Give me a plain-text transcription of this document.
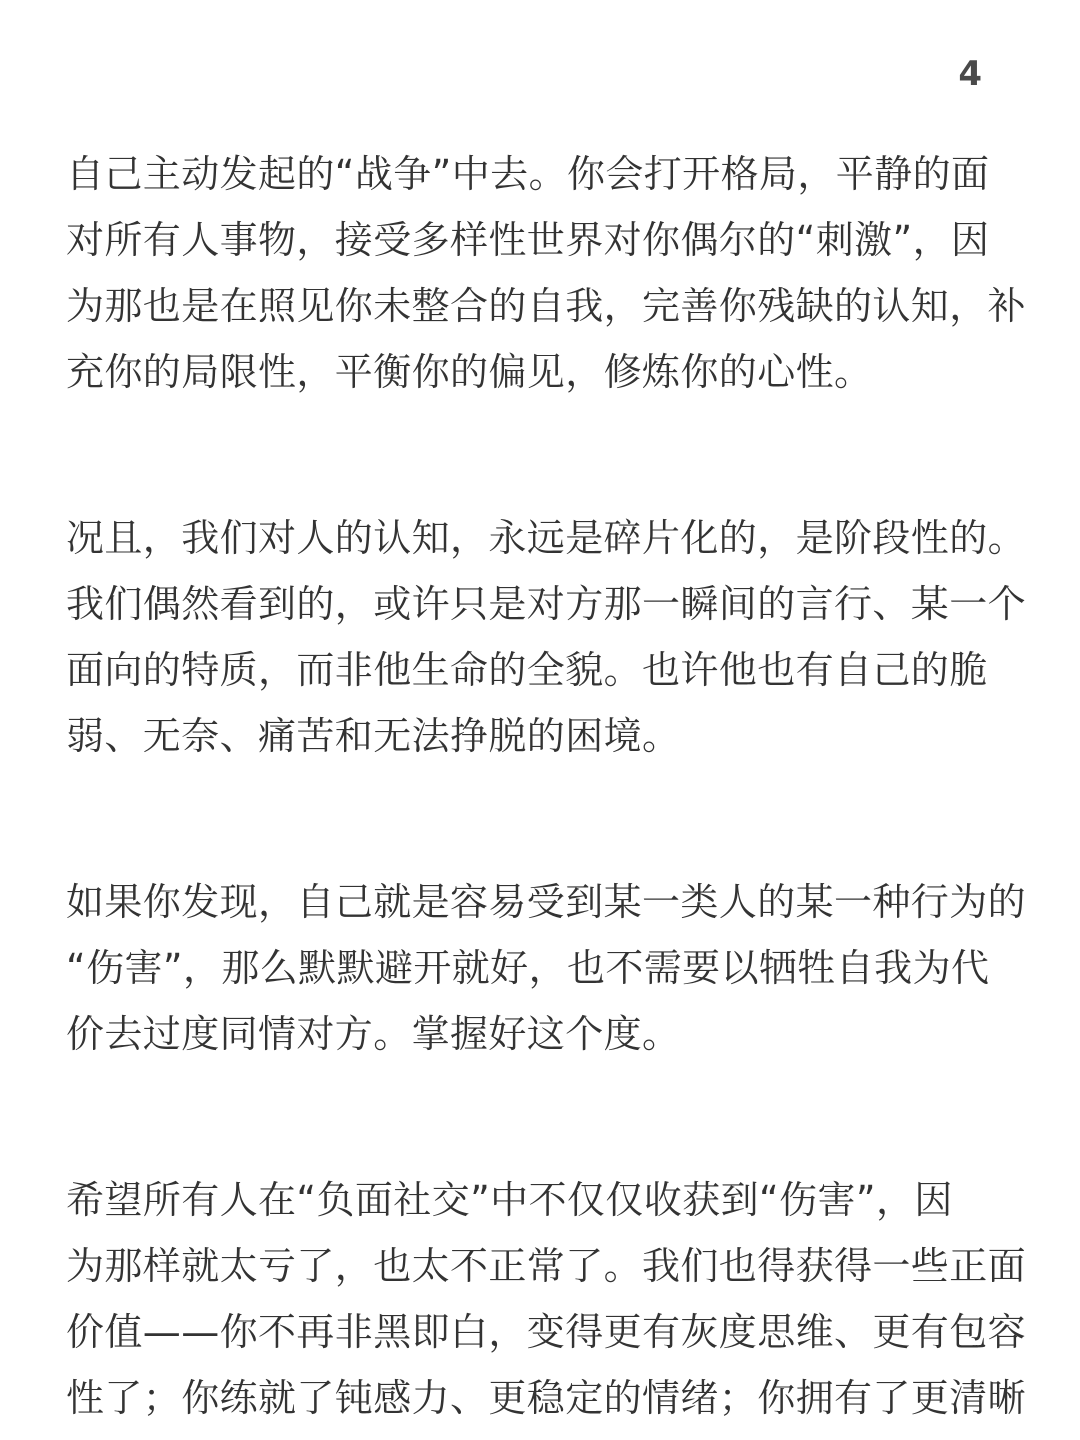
4

自己主动发起的“战争”中去。你会打开格局，平静的面
对所有人事物，接受多样性世界对你偶尔的“刺激”，因
为那也是在照见你未整合的自我，完善你残缺的认知，补
充你的局限性，平衡你的偏见，修炼你的心性。

况且，我们对人的认知，永远是碎片化的，是阶段性的。
我们偶然看到的，或许只是对方那一瞬间的言行、某一个
面向的特质，而非他生命的全貌。也许他也有自己的脆
弱、无奈、痛苦和无法挣脱的困境。

如果你发现，自己就是容易受到某一类人的某一种行为的
“伤害”，那么默默避开就好，也不需要以牺牲自我为代
价去过度同情对方。掌握好这个度。

希望所有人在“负面社交”中不仅仅收获到“伤害”，因
为那样就太亏了，也太不正常了。我们也得获得一些正面
价值——你不再非黑即白，变得更有灰度思维、更有包容
性了；你练就了钝感力、更稳定的情绪；你拥有了更清晰
